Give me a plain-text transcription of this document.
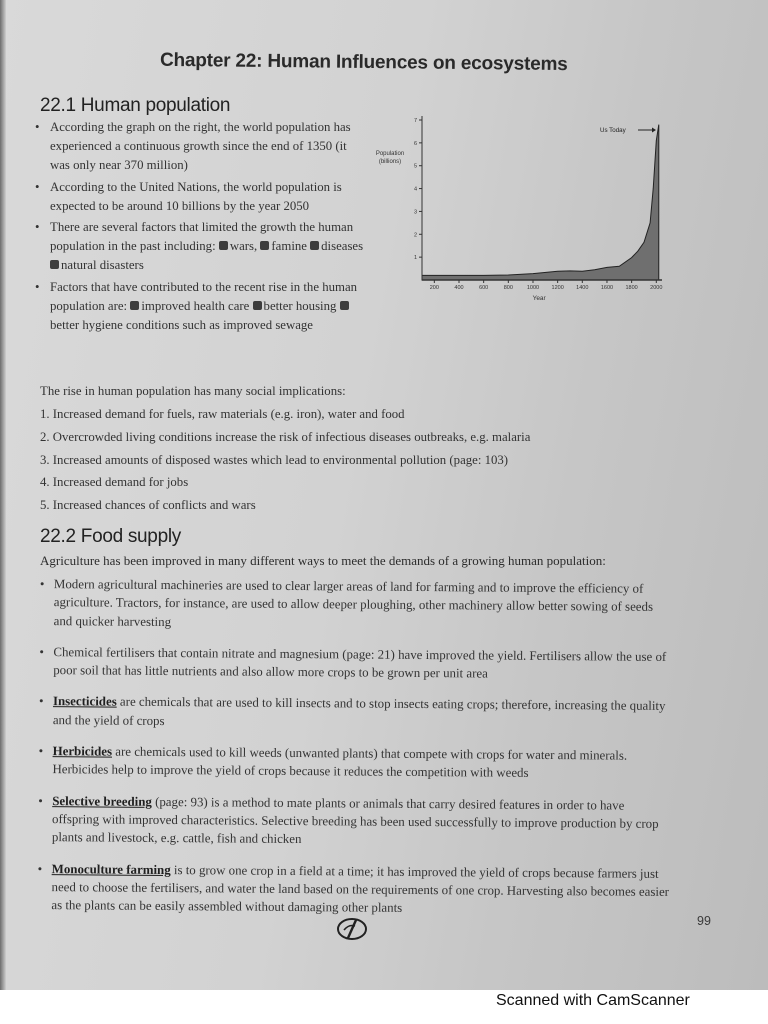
Chapter 22: Human Influences on ecosystems
22.1 Human population
• According the graph on the right, the world population has experienced a continuous growth since the end of 1350 (it was only near 370 million)
• According to the United Nations, the world population is expected to be around 10 billions by the year 2050
• There are several factors that limited the growth the human population in the past including: wars, famine diseases natural disasters
• Factors that have contributed to the recent rise in the human population are: improved health care better housing better hygiene conditions such as improved sewage
1
2
3
4
5
6
7
200	400	600	800	1000 1200 1400 1600 1800 2000
Population
(billions)
Year
Us Today

The rise in human population has many social implications:

1. Increased demand for fuels, raw materials (e.g. iron), water and food
2. Overcrowded living conditions increase the risk of infectious diseases outbreaks, e.g. malaria
3. Increased amounts of disposed wastes which lead to environmental pollution (page: 103)
4. Increased demand for jobs
5. Increased chances of conflicts and wars
22.2 Food supply
Agriculture has been improved in many different ways to meet the demands of a growing human population:
• Modern agricultural machineries are used to clear larger areas of land for farming and to improve the efficiency of agriculture. Tractors, for instance, are used to allow deeper ploughing, other machinery allow better sowing of seeds and quicker harvesting
• Chemical fertilisers that contain nitrate and magnesium (page: 21) have improved the yield. Fertilisers allow the use of poor soil that has little nutrients and also allow more crops to be grown per unit area
• Insecticides are chemicals that are used to kill insects and to stop insects eating crops; therefore, increasing the quality and the yield of crops
• Herbicides are chemicals used to kill weeds (unwanted plants) that compete with crops for water and minerals. Herbicides help to improve the yield of crops because it reduces the competition with weeds
• Selective breeding (page: 93) is a method to mate plants or animals that carry desired features in order to have offspring with improved characteristics. Selective breeding has been used successfully to improve production by crop plants and livestock, e.g. cattle, fish and chicken
• Monoculture farming is to grow one crop in a field at a time; it has improved the yield of crops because farmers just need to choose the fertilisers, and water the land based on the requirements of one crop. Harvesting also becomes easier as the plants can be easily assembled without damaging other plants
99
Scanned with CamScanner
